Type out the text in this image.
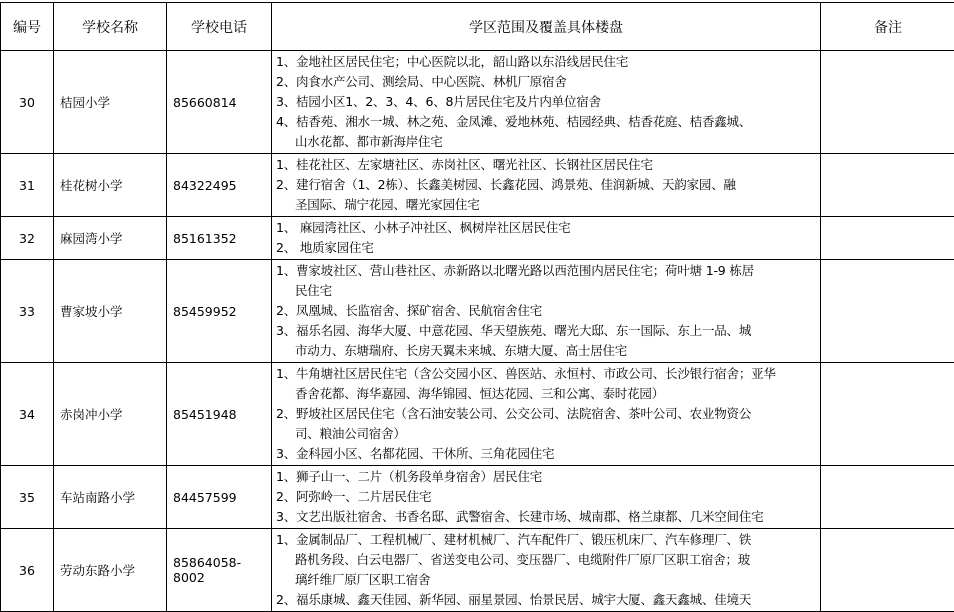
编号	学校名称	学校电话	学区范围及覆盖具体楼盘	备注
30	桔园小学	85660814	1、金地社区居民住宅；中心医院以北，韶山路以东沿线居民住宅
2、肉食水产公司、测绘局、中心医院、林机厂原宿舍
3、桔园小区1、2、3、4、6、8片居民住宅及片内单位宿舍
4、桔香苑、湘水一城、林之苑、金凤滩、爱地林苑、桔园经典、桔香花庭、桔香鑫城、
山水花都、都市新海岸住宅	

31	桂花树小学	84322495	1、桂花社区、左家塘社区、赤岗社区、曙光社区、长钢社区居民住宅
2、建行宿舍（1、2栋）、长鑫美树园、长鑫花园、鸿景苑、佳润新城、天韵家园、融
圣国际、瑞宁花园、曙光家园住宅	

32	麻园湾小学	85161352	1、 麻园湾社区、小林子冲社区、枫树岸社区居民住宅
2、 地质家园住宅	

33	曹家坡小学	85459952	1、曹家坡社区、营山巷社区、赤新路以北曙光路以西范围内居民住宅；荷叶塘 1-9 栋居
民住宅
2、凤凰城、长监宿舍、探矿宿舍、民航宿舍住宅
3、福乐名园、海华大厦、中意花园、华天望族苑、曙光大邸、东一国际、东上一品、城
市动力、东塘瑞府、长房天翼未来城、东塘大厦、高士居住宅	

34	赤岗冲小学	85451948	1、牛角塘社区居民住宅（含公交园小区、兽医站、永恒村、市政公司、长沙银行宿舍；亚华
香舍花都、海华嘉园、海华锦园、恒达花园、三和公寓、泰时花园）
2、野坡社区居民住宅（含石油安装公司、公交公司、法院宿舍、茶叶公司、农业物资公
司、粮油公司宿舍）
3、金科园小区、名都花园、干休所、三角花园住宅	

35	车站南路小学	84457599	1、狮子山一、二片（机务段单身宿舍）居民住宅
2、阿弥岭一、二片居民住宅
3、文艺出版社宿舍、书香名邸、武警宿舍、长建市场、城南郡、格兰康都、几米空间住宅	

36	劳动东路小学	85864058-8002	1、金属制品厂、工程机械厂、建材机械厂、汽车配件厂、锻压机床厂、汽车修理厂、铁
路机务段、白云电器厂、省送变电公司、变压器厂、电缆附件厂原厂区职工宿舍；玻
璃纤维厂原厂区职工宿舍
2、福乐康城、鑫天佳园、新华园、丽星景园、怡景民居、城宇大厦、鑫天鑫城、佳境天	
